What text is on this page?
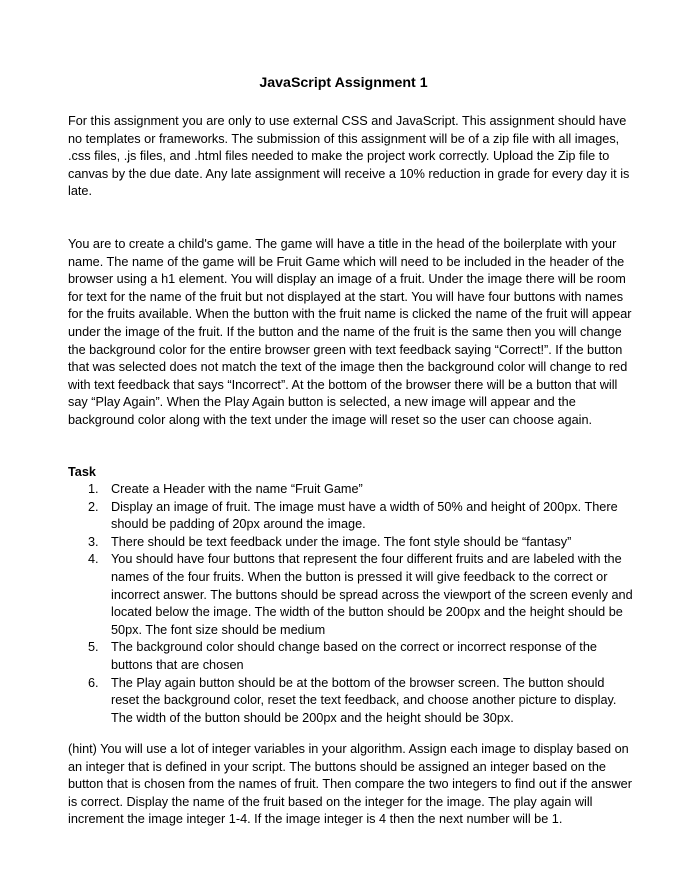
JavaScript Assignment 1

For this assignment you are only to use external CSS and JavaScript. This assignment should have no templates or frameworks. The submission of this assignment will be of a zip file with all images, .css files, .js files, and .html files needed to make the project work correctly. Upload the Zip file to canvas by the due date. Any late assignment will receive a 10% reduction in grade for every day it is late.

You are to create a child's game. The game will have a title in the head of the boilerplate with your name. The name of the game will be Fruit Game which will need to be included in the header of the browser using a h1 element. You will display an image of a fruit. Under the image there will be room for text for the name of the fruit but not displayed at the start. You will have four buttons with names for the fruits available. When the button with the fruit name is clicked the name of the fruit will appear under the image of the fruit. If the button and the name of the fruit is the same then you will change the background color for the entire browser green with text feedback saying “Correct!”. If the button that was selected does not match the text of the image then the background color will change to red with text feedback that says “Incorrect”. At the bottom of the browser there will be a button that will say “Play Again”. When the Play Again button is selected, a new image will appear and the background color along with the text under the image will reset so the user can choose again.

Task

1. Create a Header with the name “Fruit Game”
2. Display an image of fruit. The image must have a width of 50% and height of 200px. There should be padding of 20px around the image.
3. There should be text feedback under the image. The font style should be “fantasy”
4. You should have four buttons that represent the four different fruits and are labeled with the names of the four fruits. When the button is pressed it will give feedback to the correct or incorrect answer. The buttons should be spread across the viewport of the screen evenly and located below the image. The width of the button should be 200px and the height should be 50px. The font size should be medium
5. The background color should change based on the correct or incorrect response of the buttons that are chosen
6. The Play again button should be at the bottom of the browser screen. The button should reset the background color, reset the text feedback, and choose another picture to display. The width of the button should be 200px and the height should be 30px.

(hint) You will use a lot of integer variables in your algorithm. Assign each image to display based on an integer that is defined in your script. The buttons should be assigned an integer based on the button that is chosen from the names of fruit. Then compare the two integers to find out if the answer is correct. Display the name of the fruit based on the integer for the image. The play again will increment the image integer 1-4. If the image integer is 4 then the next number will be 1.
